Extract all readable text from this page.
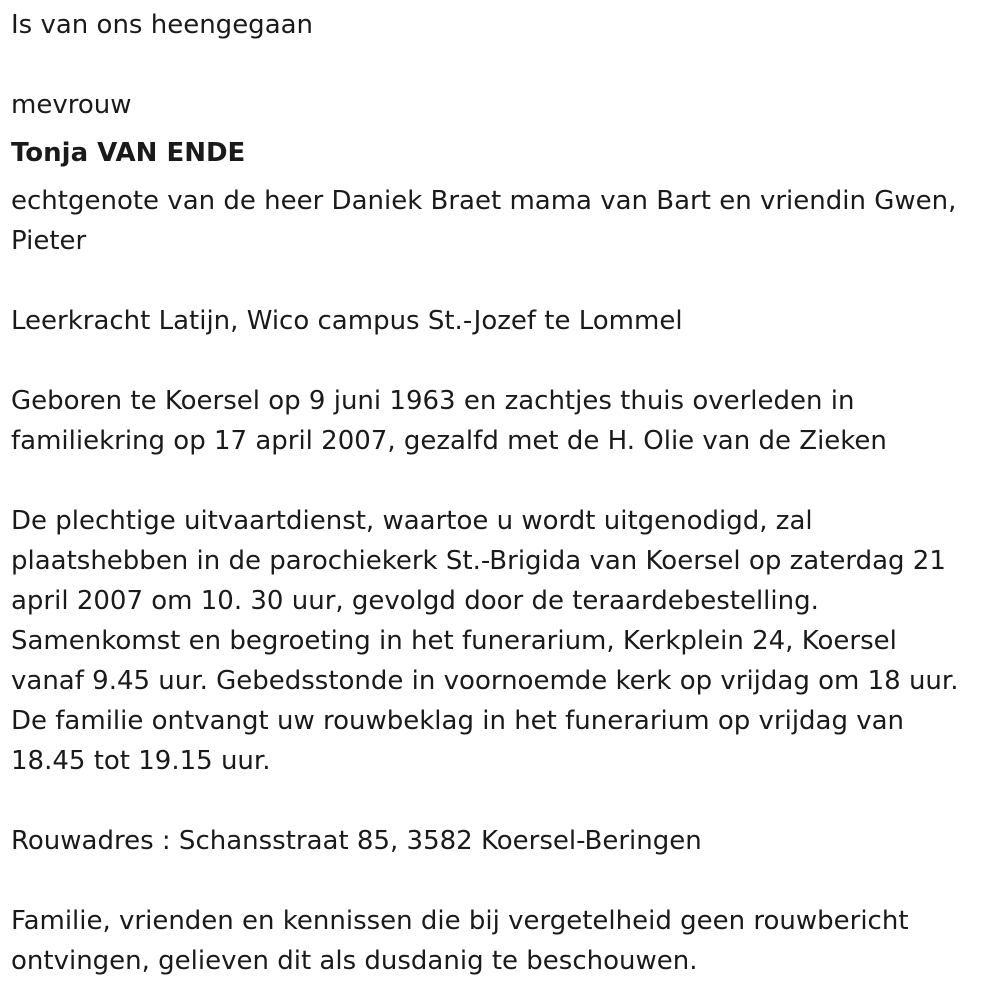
Is van ons heengegaan

mevrouw

Tonja VAN ENDE

echtgenote van de heer Daniek Braet mama van Bart en vriendin Gwen,
Pieter

Leerkracht Latijn, Wico campus St.-Jozef te Lommel

Geboren te Koersel op 9 juni 1963 en zachtjes thuis overleden in
familiekring op 17 april 2007, gezalfd met de H. Olie van de Zieken

De plechtige uitvaartdienst, waartoe u wordt uitgenodigd, zal
plaatshebben in de parochiekerk St.-Brigida van Koersel op zaterdag 21
april 2007 om 10. 30 uur, gevolgd door de teraardebestelling.
Samenkomst en begroeting in het funerarium, Kerkplein 24, Koersel
vanaf 9.45 uur. Gebedsstonde in voornoemde kerk op vrijdag om 18 uur.
De familie ontvangt uw rouwbeklag in het funerarium op vrijdag van
18.45 tot 19.15 uur.

Rouwadres : Schansstraat 85, 3582 Koersel-Beringen

Familie, vrienden en kennissen die bij vergetelheid geen rouwbericht
ontvingen, gelieven dit als dusdanig te beschouwen.
